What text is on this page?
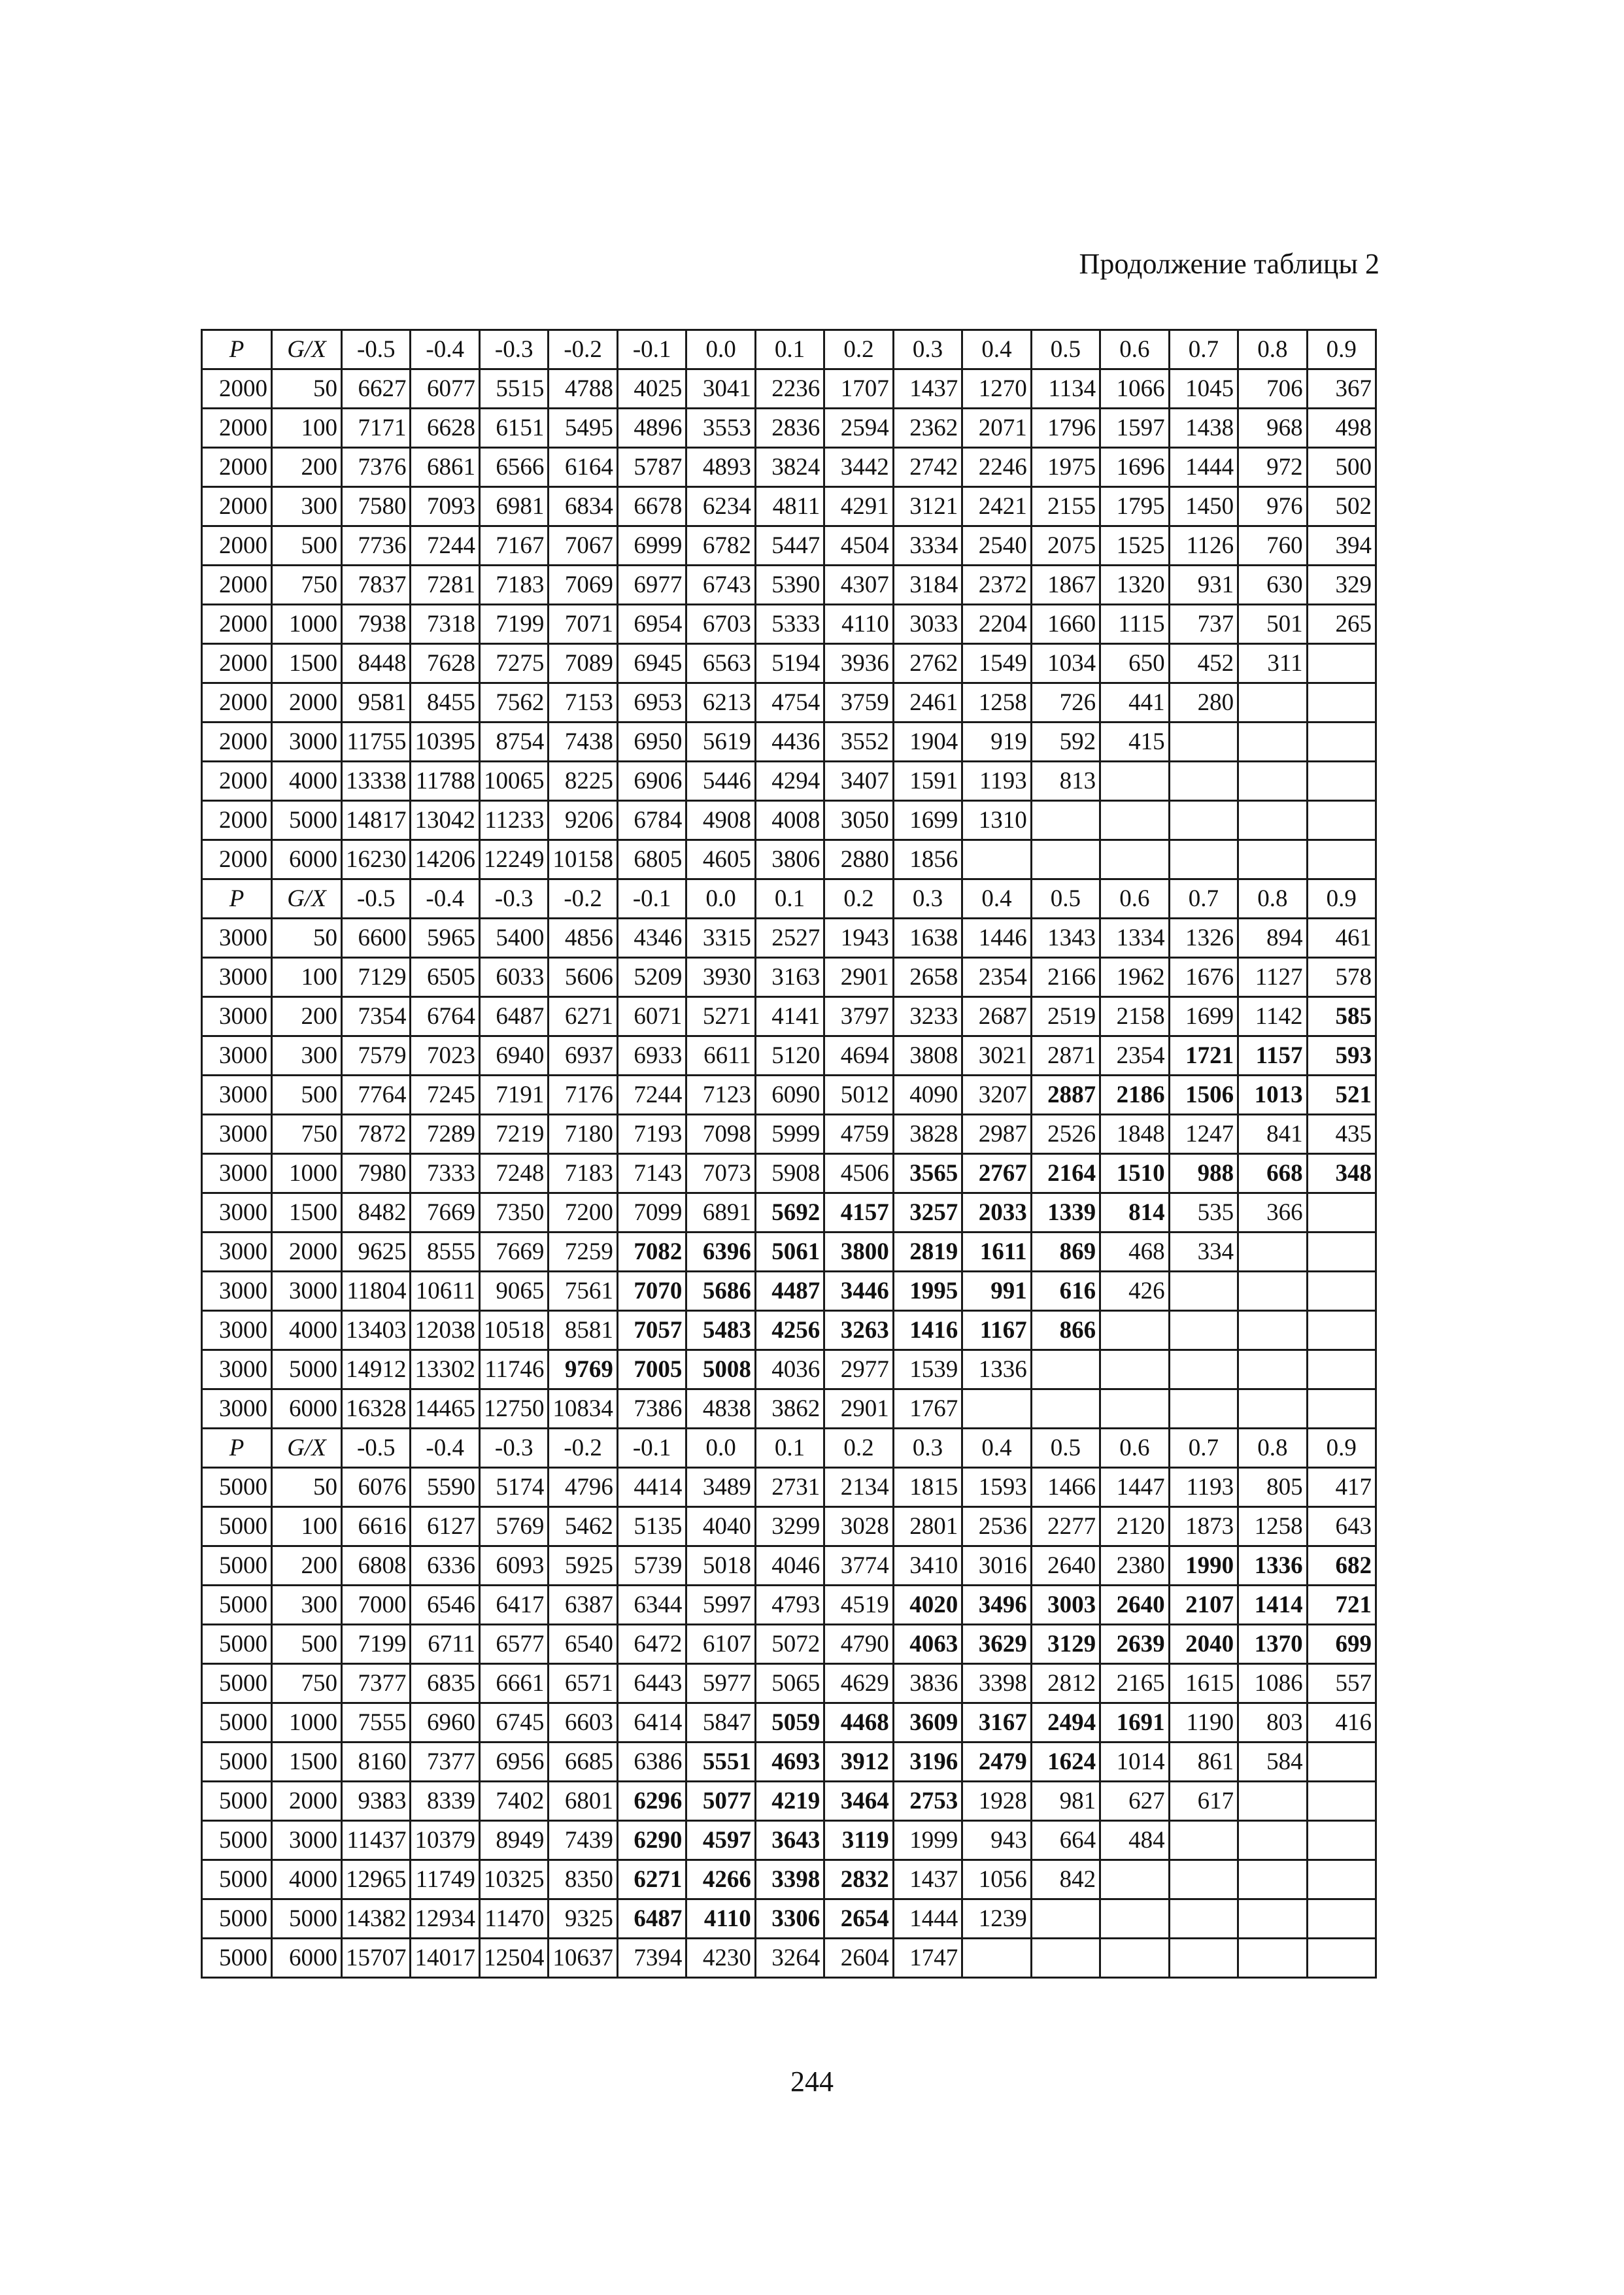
Продолжение таблицы 2
P	G/X	-0.5	-0.4	-0.3	-0.2	-0.1	0.0	0.1	0.2	0.3	0.4	0.5	0.6	0.7	0.8	0.9
2000	50	6627	6077	5515	4788	4025	3041	2236	1707	1437	1270	1134	1066	1045	706	367
2000	100	7171	6628	6151	5495	4896	3553	2836	2594	2362	2071	1796	1597	1438	968	498
2000	200	7376	6861	6566	6164	5787	4893	3824	3442	2742	2246	1975	1696	1444	972	500
2000	300	7580	7093	6981	6834	6678	6234	4811	4291	3121	2421	2155	1795	1450	976	502
2000	500	7736	7244	7167	7067	6999	6782	5447	4504	3334	2540	2075	1525	1126	760	394
2000	750	7837	7281	7183	7069	6977	6743	5390	4307	3184	2372	1867	1320	931	630	329
2000	1000	7938	7318	7199	7071	6954	6703	5333	4110	3033	2204	1660	1115	737	501	265
2000	1500	8448	7628	7275	7089	6945	6563	5194	3936	2762	1549	1034	650	452	311	
2000	2000	9581	8455	7562	7153	6953	6213	4754	3759	2461	1258	726	441	280		
2000	3000	11755	10395	8754	7438	6950	5619	4436	3552	1904	919	592	415			
2000	4000	13338	11788	10065	8225	6906	5446	4294	3407	1591	1193	813				
2000	5000	14817	13042	11233	9206	6784	4908	4008	3050	1699	1310					
2000	6000	16230	14206	12249	10158	6805	4605	3806	2880	1856						
P	G/X	-0.5	-0.4	-0.3	-0.2	-0.1	0.0	0.1	0.2	0.3	0.4	0.5	0.6	0.7	0.8	0.9
3000	50	6600	5965	5400	4856	4346	3315	2527	1943	1638	1446	1343	1334	1326	894	461
3000	100	7129	6505	6033	5606	5209	3930	3163	2901	2658	2354	2166	1962	1676	1127	578
3000	200	7354	6764	6487	6271	6071	5271	4141	3797	3233	2687	2519	2158	1699	1142	585
3000	300	7579	7023	6940	6937	6933	6611	5120	4694	3808	3021	2871	2354	1721	1157	593
3000	500	7764	7245	7191	7176	7244	7123	6090	5012	4090	3207	2887	2186	1506	1013	521
3000	750	7872	7289	7219	7180	7193	7098	5999	4759	3828	2987	2526	1848	1247	841	435
3000	1000	7980	7333	7248	7183	7143	7073	5908	4506	3565	2767	2164	1510	988	668	348
3000	1500	8482	7669	7350	7200	7099	6891	5692	4157	3257	2033	1339	814	535	366	
3000	2000	9625	8555	7669	7259	7082	6396	5061	3800	2819	1611	869	468	334		
3000	3000	11804	10611	9065	7561	7070	5686	4487	3446	1995	991	616	426			
3000	4000	13403	12038	10518	8581	7057	5483	4256	3263	1416	1167	866				
3000	5000	14912	13302	11746	9769	7005	5008	4036	2977	1539	1336					
3000	6000	16328	14465	12750	10834	7386	4838	3862	2901	1767						
P	G/X	-0.5	-0.4	-0.3	-0.2	-0.1	0.0	0.1	0.2	0.3	0.4	0.5	0.6	0.7	0.8	0.9
5000	50	6076	5590	5174	4796	4414	3489	2731	2134	1815	1593	1466	1447	1193	805	417
5000	100	6616	6127	5769	5462	5135	4040	3299	3028	2801	2536	2277	2120	1873	1258	643
5000	200	6808	6336	6093	5925	5739	5018	4046	3774	3410	3016	2640	2380	1990	1336	682
5000	300	7000	6546	6417	6387	6344	5997	4793	4519	4020	3496	3003	2640	2107	1414	721
5000	500	7199	6711	6577	6540	6472	6107	5072	4790	4063	3629	3129	2639	2040	1370	699
5000	750	7377	6835	6661	6571	6443	5977	5065	4629	3836	3398	2812	2165	1615	1086	557
5000	1000	7555	6960	6745	6603	6414	5847	5059	4468	3609	3167	2494	1691	1190	803	416
5000	1500	8160	7377	6956	6685	6386	5551	4693	3912	3196	2479	1624	1014	861	584	
5000	2000	9383	8339	7402	6801	6296	5077	4219	3464	2753	1928	981	627	617		
5000	3000	11437	10379	8949	7439	6290	4597	3643	3119	1999	943	664	484			
5000	4000	12965	11749	10325	8350	6271	4266	3398	2832	1437	1056	842				
5000	5000	14382	12934	11470	9325	6487	4110	3306	2654	1444	1239					
5000	6000	15707	14017	12504	10637	7394	4230	3264	2604	1747						
244
